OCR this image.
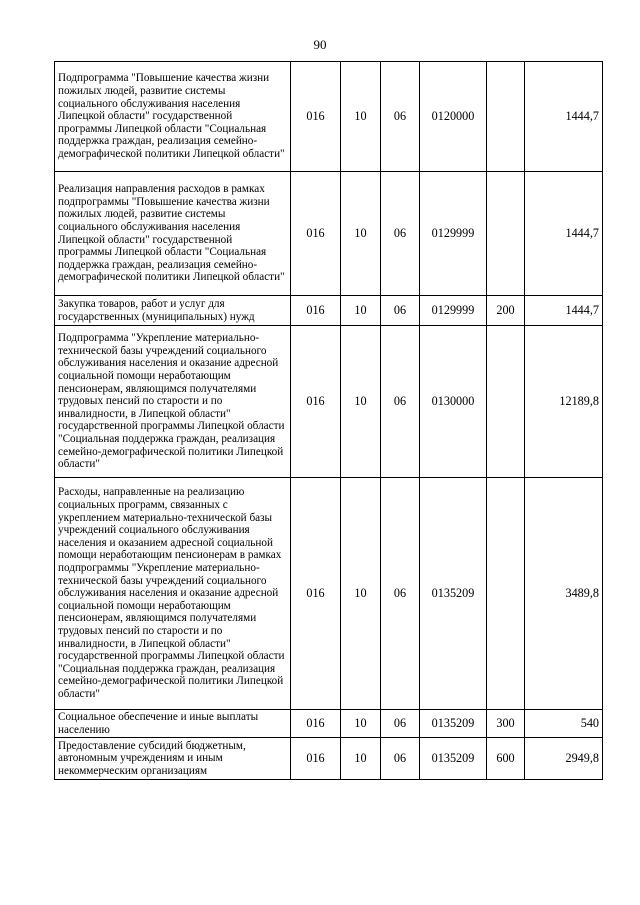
90
Подпрограмма "Повышение качества жизни пожилых людей, развитие системы социального обслуживания населения Липецкой области" государственной программы Липецкой области "Социальная поддержка граждан, реализация семейно-демографической политики Липецкой области"	016	10	06	0120000		1444,7
Реализация направления расходов в рамках подпрограммы "Повышение качества жизни пожилых людей, развитие системы социального обслуживания населения Липецкой области" государственной программы Липецкой области "Социальная поддержка граждан, реализация семейно-демографической политики Липецкой области"	016	10	06	0129999		1444,7
Закупка товаров, работ и услуг для государственных (муниципальных) нужд	016	10	06	0129999	200	1444,7
Подпрограмма "Укрепление материально-технической базы учреждений социального обслуживания населения и оказание адресной социальной помощи неработающим пенсионерам, являющимся получателями трудовых пенсий по старости и по инвалидности, в Липецкой области" государственной программы Липецкой области "Социальная поддержка граждан, реализация семейно-демографической политики Липецкой области"	016	10	06	0130000		12189,8
Расходы, направленные на реализацию социальных программ, связанных с укреплением материально-технической базы учреждений социального обслуживания населения и оказанием адресной социальной помощи неработающим пенсионерам в рамках подпрограммы "Укрепление материально-технической базы учреждений социального обслуживания населения и оказание адресной социальной помощи неработающим пенсионерам, являющимся получателями трудовых пенсий по старости и по инвалидности, в Липецкой области" государственной программы Липецкой области "Социальная поддержка граждан, реализация семейно-демографической политики Липецкой области"	016	10	06	0135209		3489,8
Социальное обеспечение и иные выплаты населению	016	10	06	0135209	300	540
Предоставление субсидий бюджетным, автономным учреждениям и иным некоммерческим организациям	016	10	06	0135209	600	2949,8
